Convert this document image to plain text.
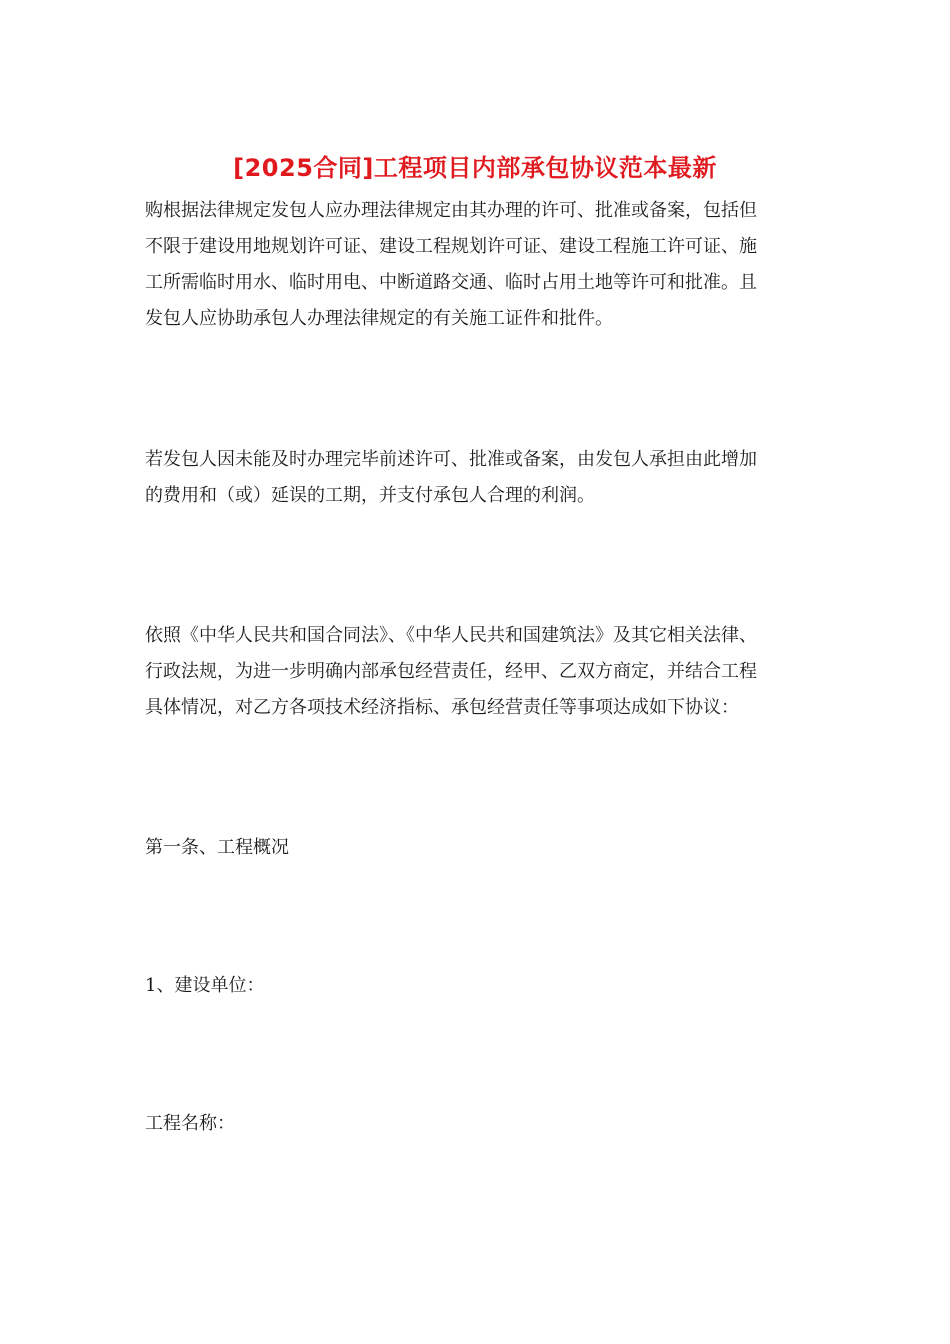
[2025合同]工程项目内部承包协议范本最新

购根据法律规定发包人应办理法律规定由其办理的许可、批准或备案，包括但
不限于建设用地规划许可证、建设工程规划许可证、建设工程施工许可证、施
工所需临时用水、临时用电、中断道路交通、临时占用土地等许可和批准。且
发包人应协助承包人办理法律规定的有关施工证件和批件。

若发包人因未能及时办理完毕前述许可、批准或备案，由发包人承担由此增加
的费用和（或）延误的工期，并支付承包人合理的利润。

依照《中华人民共和国合同法》、《中华人民共和国建筑法》及其它相关法律、
行政法规，为进一步明确内部承包经营责任，经甲、乙双方商定，并结合工程
具体情况，对乙方各项技术经济指标、承包经营责任等事项达成如下协议：

第一条、工程概况

1、建设单位：

工程名称：
